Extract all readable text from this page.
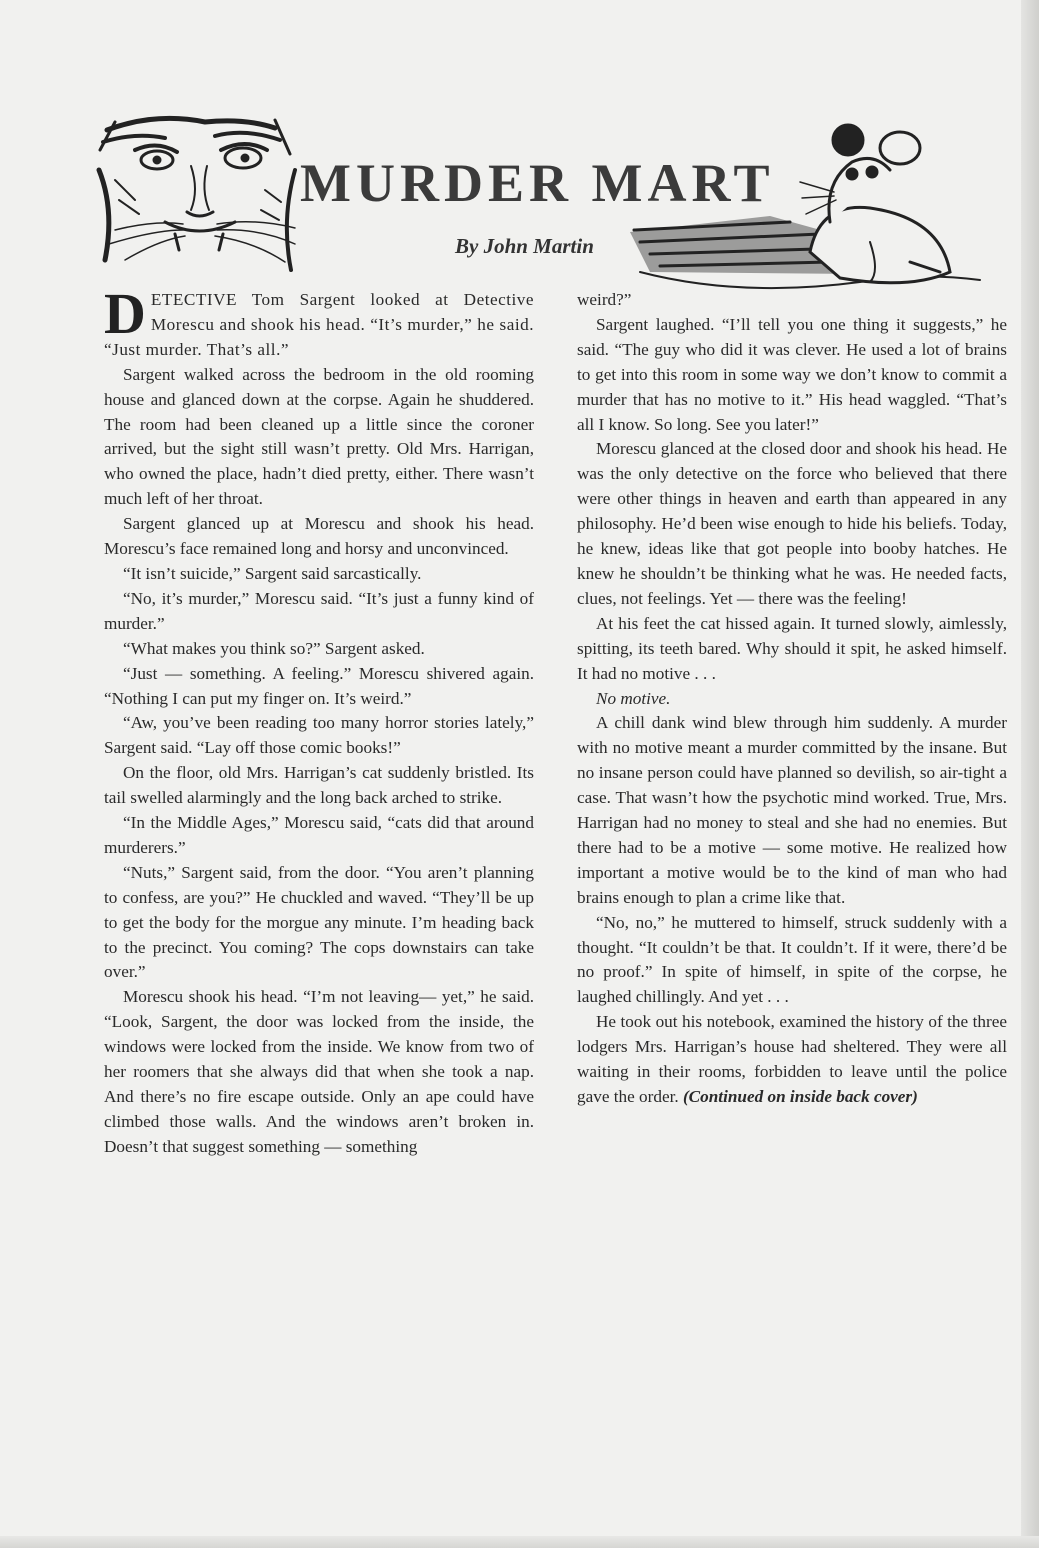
MURDER MART

By John Martin

DETECTIVE Tom Sargent looked at Detective Morescu and shook his head. “It’s murder,” he said. “Just murder. That’s all.”

Sargent walked across the bedroom in the old rooming house and glanced down at the corpse. Again he shuddered. The room had been cleaned up a little since the coroner arrived, but the sight still wasn’t pretty. Old Mrs. Harrigan, who owned the place, hadn’t died pretty, either. There wasn’t much left of her throat.

Sargent glanced up at Morescu and shook his head. Morescu’s face remained long and horsy and unconvinced.

“It isn’t suicide,” Sargent said sarcastically.

“No, it’s murder,” Morescu said. “It’s just a funny kind of murder.”

“What makes you think so?” Sargent asked.

“Just — something. A feeling.” Morescu shivered again. “Nothing I can put my finger on. It’s weird.”

“Aw, you’ve been reading too many horror stories lately,” Sargent said. “Lay off those comic books!”

On the floor, old Mrs. Harrigan’s cat suddenly bristled. Its tail swelled alarmingly and the long back arched to strike.

“In the Middle Ages,” Morescu said, “cats did that around murderers.”

“Nuts,” Sargent said, from the door. “You aren’t planning to confess, are you?” He chuckled and waved. “They’ll be up to get the body for the morgue any minute. I’m heading back to the precinct. You coming? The cops downstairs can take over.”

Morescu shook his head. “I’m not leaving— yet,” he said. “Look, Sargent, the door was locked from the inside, the windows were locked from the inside. We know from two of her roomers that she always did that when she took a nap. And there’s no fire escape outside. Only an ape could have climbed those walls. And the windows aren’t broken in. Doesn’t that suggest something — something

weird?”

Sargent laughed. “I’ll tell you one thing it suggests,” he said. “The guy who did it was clever. He used a lot of brains to get into this room in some way we don’t know to commit a murder that has no motive to it.” His head waggled. “That’s all I know. So long. See you later!”

Morescu glanced at the closed door and shook his head. He was the only detective on the force who believed that there were other things in heaven and earth than appeared in any philosophy. He’d been wise enough to hide his beliefs. Today, he knew, ideas like that got people into booby hatches. He knew he shouldn’t be thinking what he was. He needed facts, clues, not feelings. Yet — there was the feeling!

At his feet the cat hissed again. It turned slowly, aimlessly, spitting, its teeth bared. Why should it spit, he asked himself. It had no motive . . .

No motive.

A chill dank wind blew through him suddenly. A murder with no motive meant a murder committed by the insane. But no insane person could have planned so devilish, so air-tight a case. That wasn’t how the psychotic mind worked. True, Mrs. Harrigan had no money to steal and she had no enemies. But there had to be a motive — some motive. He realized how important a motive would be to the kind of man who had brains enough to plan a crime like that.

“No, no,” he muttered to himself, struck suddenly with a thought. “It couldn’t be that. It couldn’t. If it were, there’d be no proof.” In spite of himself, in spite of the corpse, he laughed chillingly. And yet . . .

He took out his notebook, examined the history of the three lodgers Mrs. Harrigan’s house had sheltered. They were all waiting in their rooms, forbidden to leave until the police gave the order. (Continued on inside back cover)
